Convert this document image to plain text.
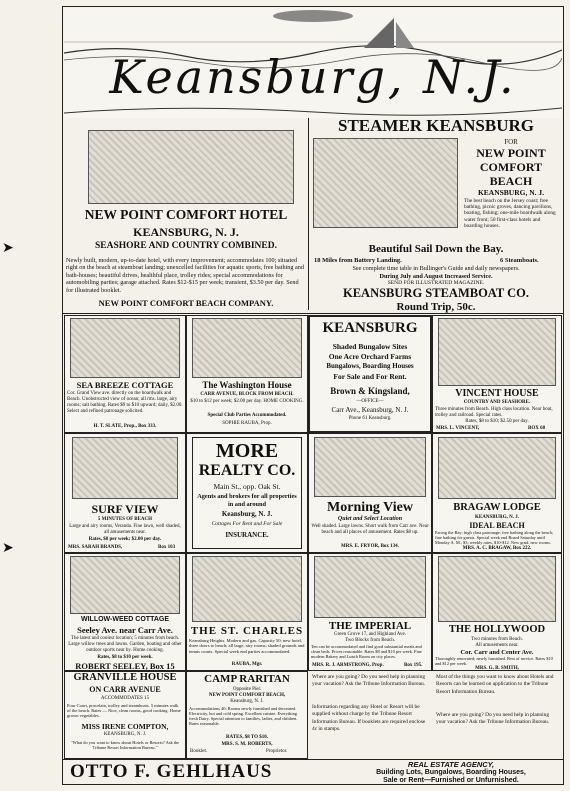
➤
➤
Keansburg, N.J.
NEW POINT COMFORT HOTEL
KEANSBURG, N. J.
SEASHORE AND COUNTRY COMBINED.
Newly built, modern, up-to-date hotel, with every improvement; accommodates 100; situated right on the beach at steamboat landing; unexcelled facilities for aquatic sports, free bathing and bath-houses; beautiful drives, healthful place, trolley rides; special accommodations for automobiling parties; garage attached. Rates $12-$15 per week; transient, $3.50 per day. Send for illustrated booklet.
NEW POINT COMFORT BEACH COMPANY.
STEAMER KEANSBURG
FOR
NEW POINT
COMFORT
BEACH
KEANSBURG, N. J.
The best beach on the Jersey coast; free bathing, picnic groves, dancing pavilions, boating, fishing; one-mile boardwalk along water front; 50 first-class hotels and boarding houses.
Beautiful Sail Down the Bay.
18 Miles from Battery Landing.	6 Steamboats.
See complete time table in Bullinger's Guide and daily newspapers.
During July and August Increased Service.
SEND FOR ILLUSTRATED MAGAZINE.
KEANSBURG STEAMBOAT CO.
Round Trip, 50c.
SEA BREEZE COTTAGE
Cor. Grand View ave. directly on the boardwalk and Beach. Unobstructed view of ocean; all rms. large, airy rooms; salt bathing. Rates $9 to $10 upward; daily, $2.00. Select and refined patronage solicited.
H. T. SLATE, Prop., Box 333.
The Washington House
CARR AVENUE, BLOCK FROM BEACH.
$10 to $12 per week; $2.00 per day. HOME COOKING.
Special Club Parties Accommodated.
SOPHIE RAUBA, Prop.
KEANSBURG
Shaded Bungalow Sites
One Acre Orchard Farms
Bungalows, Boarding Houses
For Sale and For Rent.
Brown & Kingsland,
—OFFICE—
Carr Ave., Keansburg, N. J.
Phone 61 Keansburg.
VINCENT HOUSE
COUNTRY AND SEASHORE.
Three minutes from Beach. High class location. Near boat, trolley and railroad. Special rates.
Rates, $8 to $10; $2.50 per day.
MRS. L. VINCENT,	BOX 68
SURF VIEW
5 MINUTES OF BEACH
Large and airy rooms, Veranda. Fine lawn, well shaded, all amusements near.
Rates, $8 per week; $2.00 per day.
MRS. SARAH BRANDS,	Box 103
MORE
REALTY CO.
Main St., opp. Oak St.
Agents and brokers for all properties in and around
Keansburg, N. J.
Cottages For Rent and For Sale
INSURANCE.
Morning View
Quiet and Select Location
Well shaded. Large lawns. Short walk from Carr ave. Near beach and all places of amusement. Rates $8 up.
MRS. E. FRYOR, Box 134.
BRAGAW LODGE
KEANSBURG, N. J.
IDEAL BEACH
Facing the Bay; high class patronage; free bathing along the beach; fine bathing for guests. Special week end Board Saturday until Monday A. M., $3; weekly rates, $10-$12. New grnd. new rooms.
MRS. A. C. BRAGAW, Box 222.
WILLOW-WEED COTTAGE
Seeley Ave. near Carr Ave.
The latest and coolest location; 5 minutes from beach. Large willow trees and lawns. Garden, boating and other outdoor sports near by. Home cooking.
Rates, $8 to $10 per week.
ROBERT SEELEY, Box 15
THE ST. CHARLES
Keansburg Heights. Modern and gas. Capacity 50; new hotel, three doors to beach; all large, airy rooms; shaded grounds and tennis courts. Special week end parties accommodated.
RAUBA, Mgr.
THE IMPERIAL
Green Grove 17, and Highland Ave.
Two Blocks from Beach.
Ten can be accommodated and find good substantial meals and clean beds. Prices reasonable. Rates $8 and $10 per week. Fine modern Bakery and Lunch Room on city places.
MRS. R. J. ARMSTRONG, Prop.	Box 195.
THE HOLLYWOOD
Two minutes from Beach.
All amusements near.
Cor. Carr and Center Ave.
Thoroughly renovated; newly furnished. Best of service. Rates $10 and $12 per week.
MRS. G. B. SMITH,
GRANVILLE HOUSE
ON CARR AVENUE
ACCOMMODATES 15
Four Court, porcelain, trolley and steamboats. 5 minutes walk of the beach. Rates — Nice, clean rooms, good cooking. Home grown vegetables.
MISS IRENE COMPTON,
KEANSBURG, N. J.
"What do you want to know about Hotels or Resorts? Ask the Tribune Resort Information Bureau."
CAMP RARITAN
Opposite Pier.
NEW POINT COMFORT BEACH,
Keansburg, N. J.
Accommodations 40; Rooms newly furnished and decorated. Electricity, hot and cold spring. Excellent cuisine. Everything fresh Dairy. Special attention to families, ladies, and children. Rates reasonable.
RATES, $8 TO $10.
MRS. S. M. ROBERTS,
Booklet.	Proprietor.
Where are you going? Do you need help in planning your vacation? Ask the Tribune Information Bureau.
Information regarding any Hotel or Resort will be supplied without charge by the Tribune Resort Information Bureau. If booklets are required enclose 4c in stamps.
Most of the things you want to know about Hotels and Resorts can be learned on application to the Tribune Resort Information Bureau.
Where are you going? Do you need help in planning your vacation? Ask the Tribune Information Bureau.
OTTO F. GEHLHAUS	REAL ESTATE AGENCY,
Building Lots, Bungalows, Boarding Houses,
Sale or Rent—Furnished or Unfurnished.
